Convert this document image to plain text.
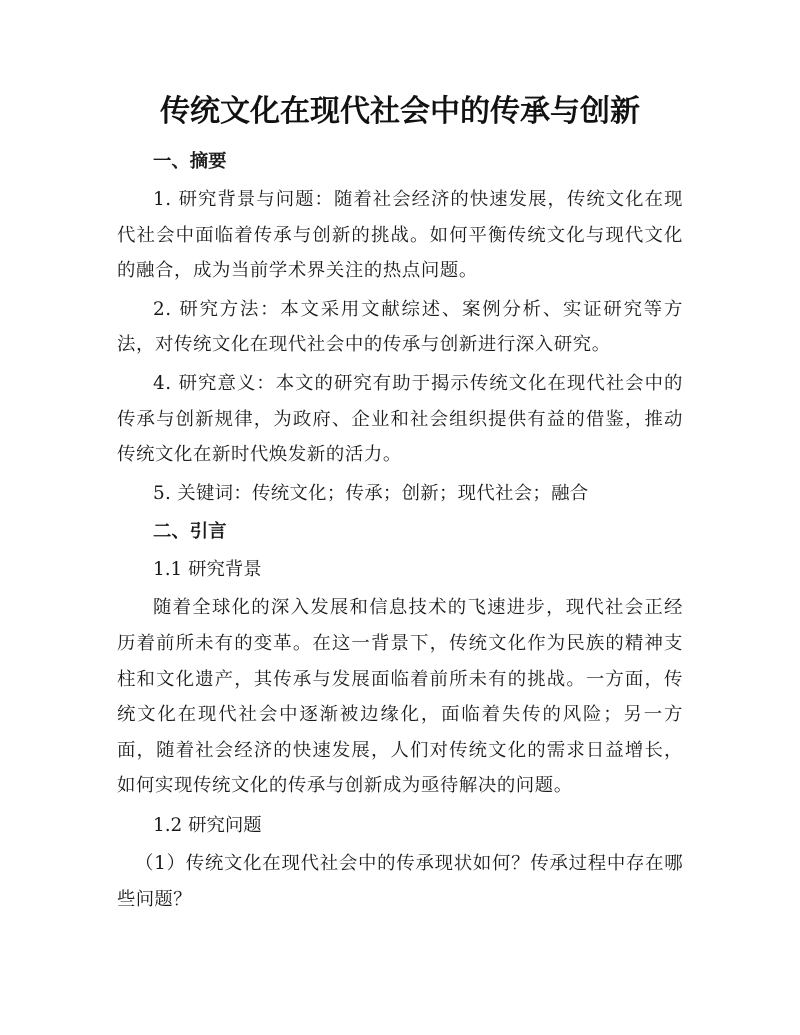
传统文化在现代社会中的传承与创新

一、摘要

1. 研究背景与问题：随着社会经济的快速发展，传统文化在现代社会中面临着传承与创新的挑战。如何平衡传统文化与现代文化的融合，成为当前学术界关注的热点问题。

2. 研究方法：本文采用文献综述、案例分析、实证研究等方法，对传统文化在现代社会中的传承与创新进行深入研究。

4. 研究意义：本文的研究有助于揭示传统文化在现代社会中的传承与创新规律，为政府、企业和社会组织提供有益的借鉴，推动传统文化在新时代焕发新的活力。

5. 关键词：传统文化；传承；创新；现代社会；融合

二、引言

1.1 研究背景

随着全球化的深入发展和信息技术的飞速进步，现代社会正经历着前所未有的变革。在这一背景下，传统文化作为民族的精神支柱和文化遗产，其传承与发展面临着前所未有的挑战。一方面，传统文化在现代社会中逐渐被边缘化，面临着失传的风险；另一方面，随着社会经济的快速发展，人们对传统文化的需求日益增长，如何实现传统文化的传承与创新成为亟待解决的问题。

1.2 研究问题

（1）传统文化在现代社会中的传承现状如何？传承过程中存在哪些问题？
